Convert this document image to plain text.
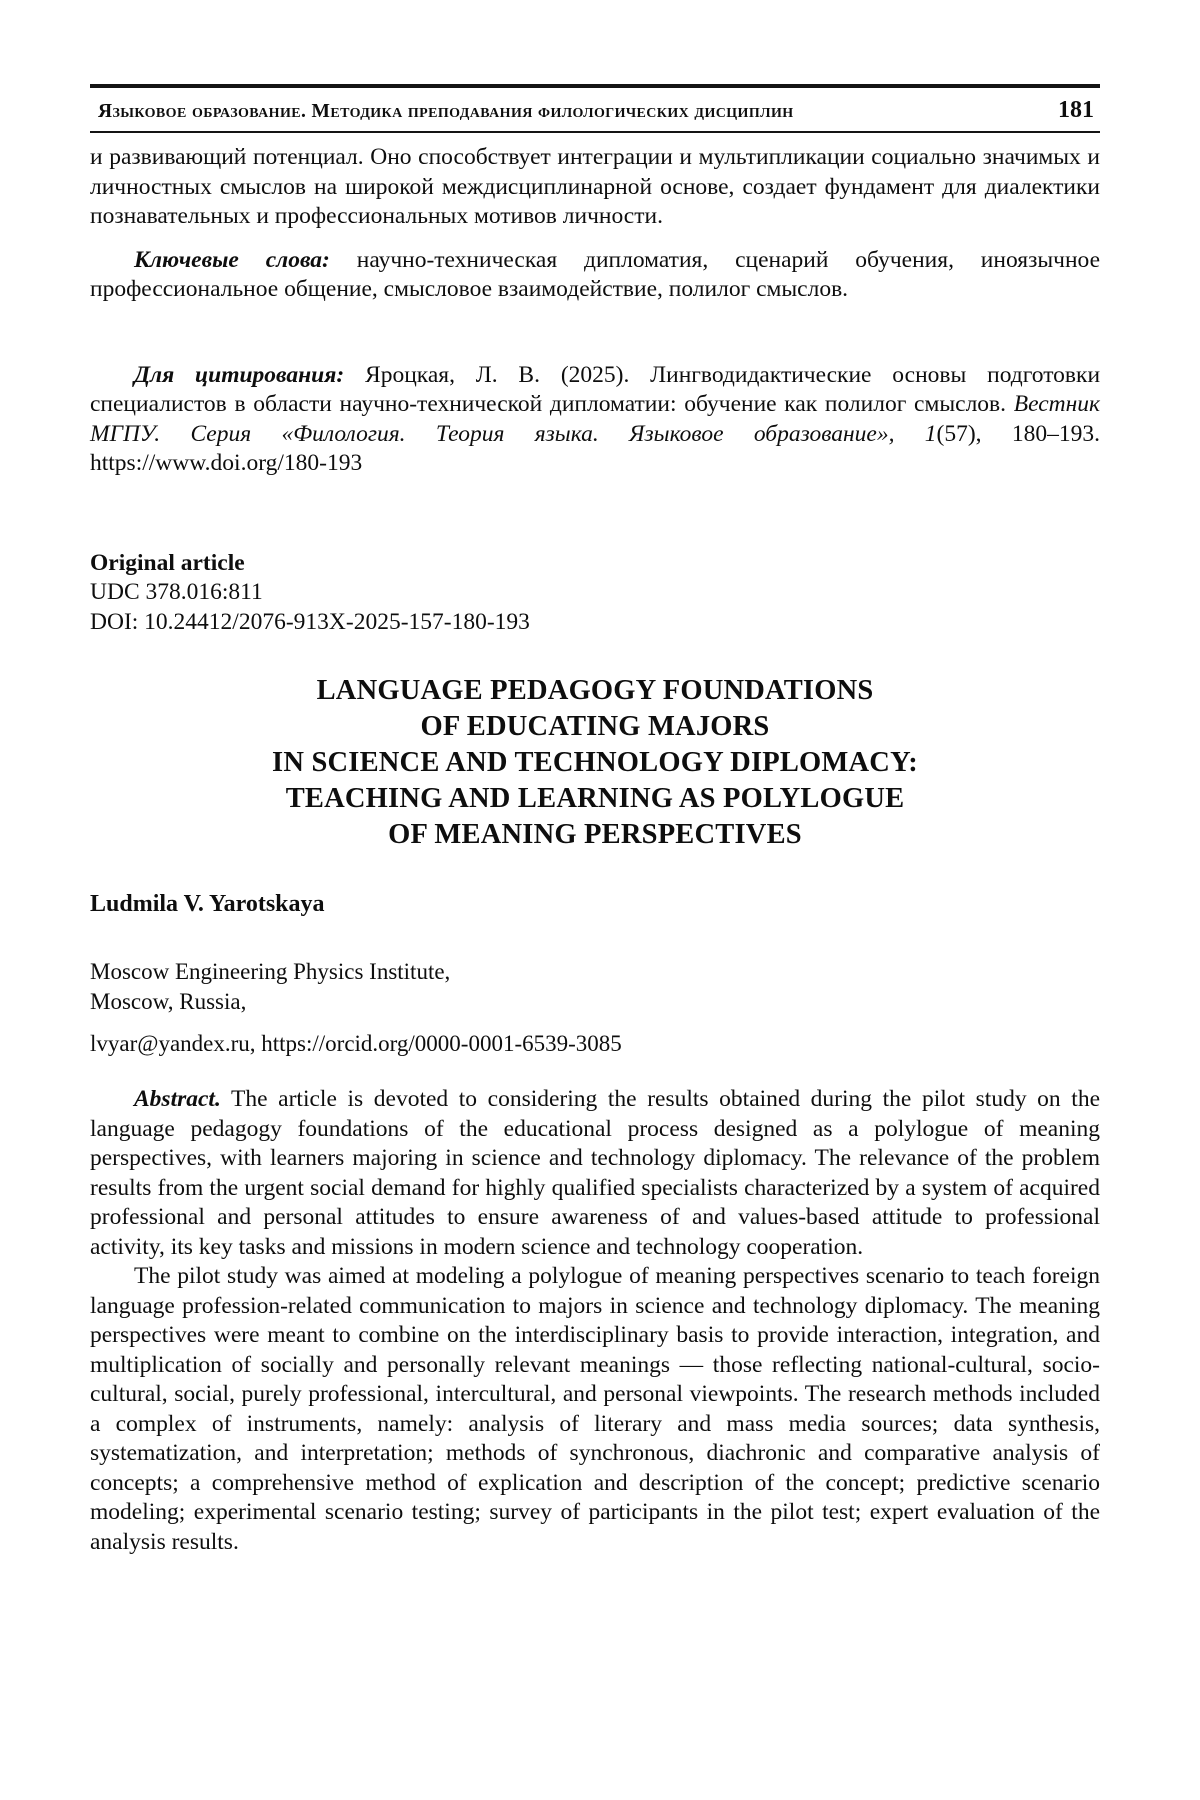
Языковое образование. Методика преподавания филологических дисциплин	181

и развивающий потенциал. Оно способствует интеграции и мультипликации социально значимых и личностных смыслов на широкой междисциплинарной основе, создает фундамент для диалектики познавательных и профессиональных мотивов личности.

Ключевые слова: научно-техническая дипломатия, сценарий обучения, иноязычное профессиональное общение, смысловое взаимодействие, полилог смыслов.

Для цитирования: Яроцкая, Л. В. (2025). Лингводидактические основы подготовки специалистов в области научно-технической дипломатии: обучение как полилог смыслов. Вестник МГПУ. Серия «Филология. Теория языка. Языковое образование», 1(57), 180–193. https://www.doi.org/180-193

Original article
UDC 378.016:811
DOI: 10.24412/2076-913X-2025-157-180-193
LANGUAGE PEDAGOGY FOUNDATIONS
OF EDUCATING MAJORS
IN SCIENCE AND TECHNOLOGY DIPLOMACY:
TEACHING AND LEARNING AS POLYLOGUE
OF MEANING PERSPECTIVES
Ludmila V. Yarotskaya
Moscow Engineering Physics Institute,
Moscow, Russia,
lvyar@yandex.ru, https://orcid.org/0000-0001-6539-3085

Abstract. The article is devoted to considering the results obtained during the pilot study on the language pedagogy foundations of the educational process designed as a polylogue of meaning perspectives, with learners majoring in science and technology diplomacy. The relevance of the problem results from the urgent social demand for highly qualified specialists characterized by a system of acquired professional and personal attitudes to ensure awareness of and values-based attitude to professional activity, its key tasks and missions in modern science and technology cooperation.

The pilot study was aimed at modeling a polylogue of meaning perspectives scenario to teach foreign language profession-related communication to majors in science and technology diplomacy. The meaning perspectives were meant to combine on the interdisciplinary basis to provide interaction, integration, and multiplication of socially and personally relevant meanings — those reflecting national-cultural, socio-cultural, social, purely professional, intercultural, and personal viewpoints. The research methods included a complex of instruments, namely: analysis of literary and mass media sources; data synthesis, systematization, and interpretation; methods of synchronous, diachronic and comparative analysis of concepts; a comprehensive method of explication and description of the concept; predictive scenario modeling; experimental scenario testing; survey of participants in the pilot test; expert evaluation of the analysis results.
